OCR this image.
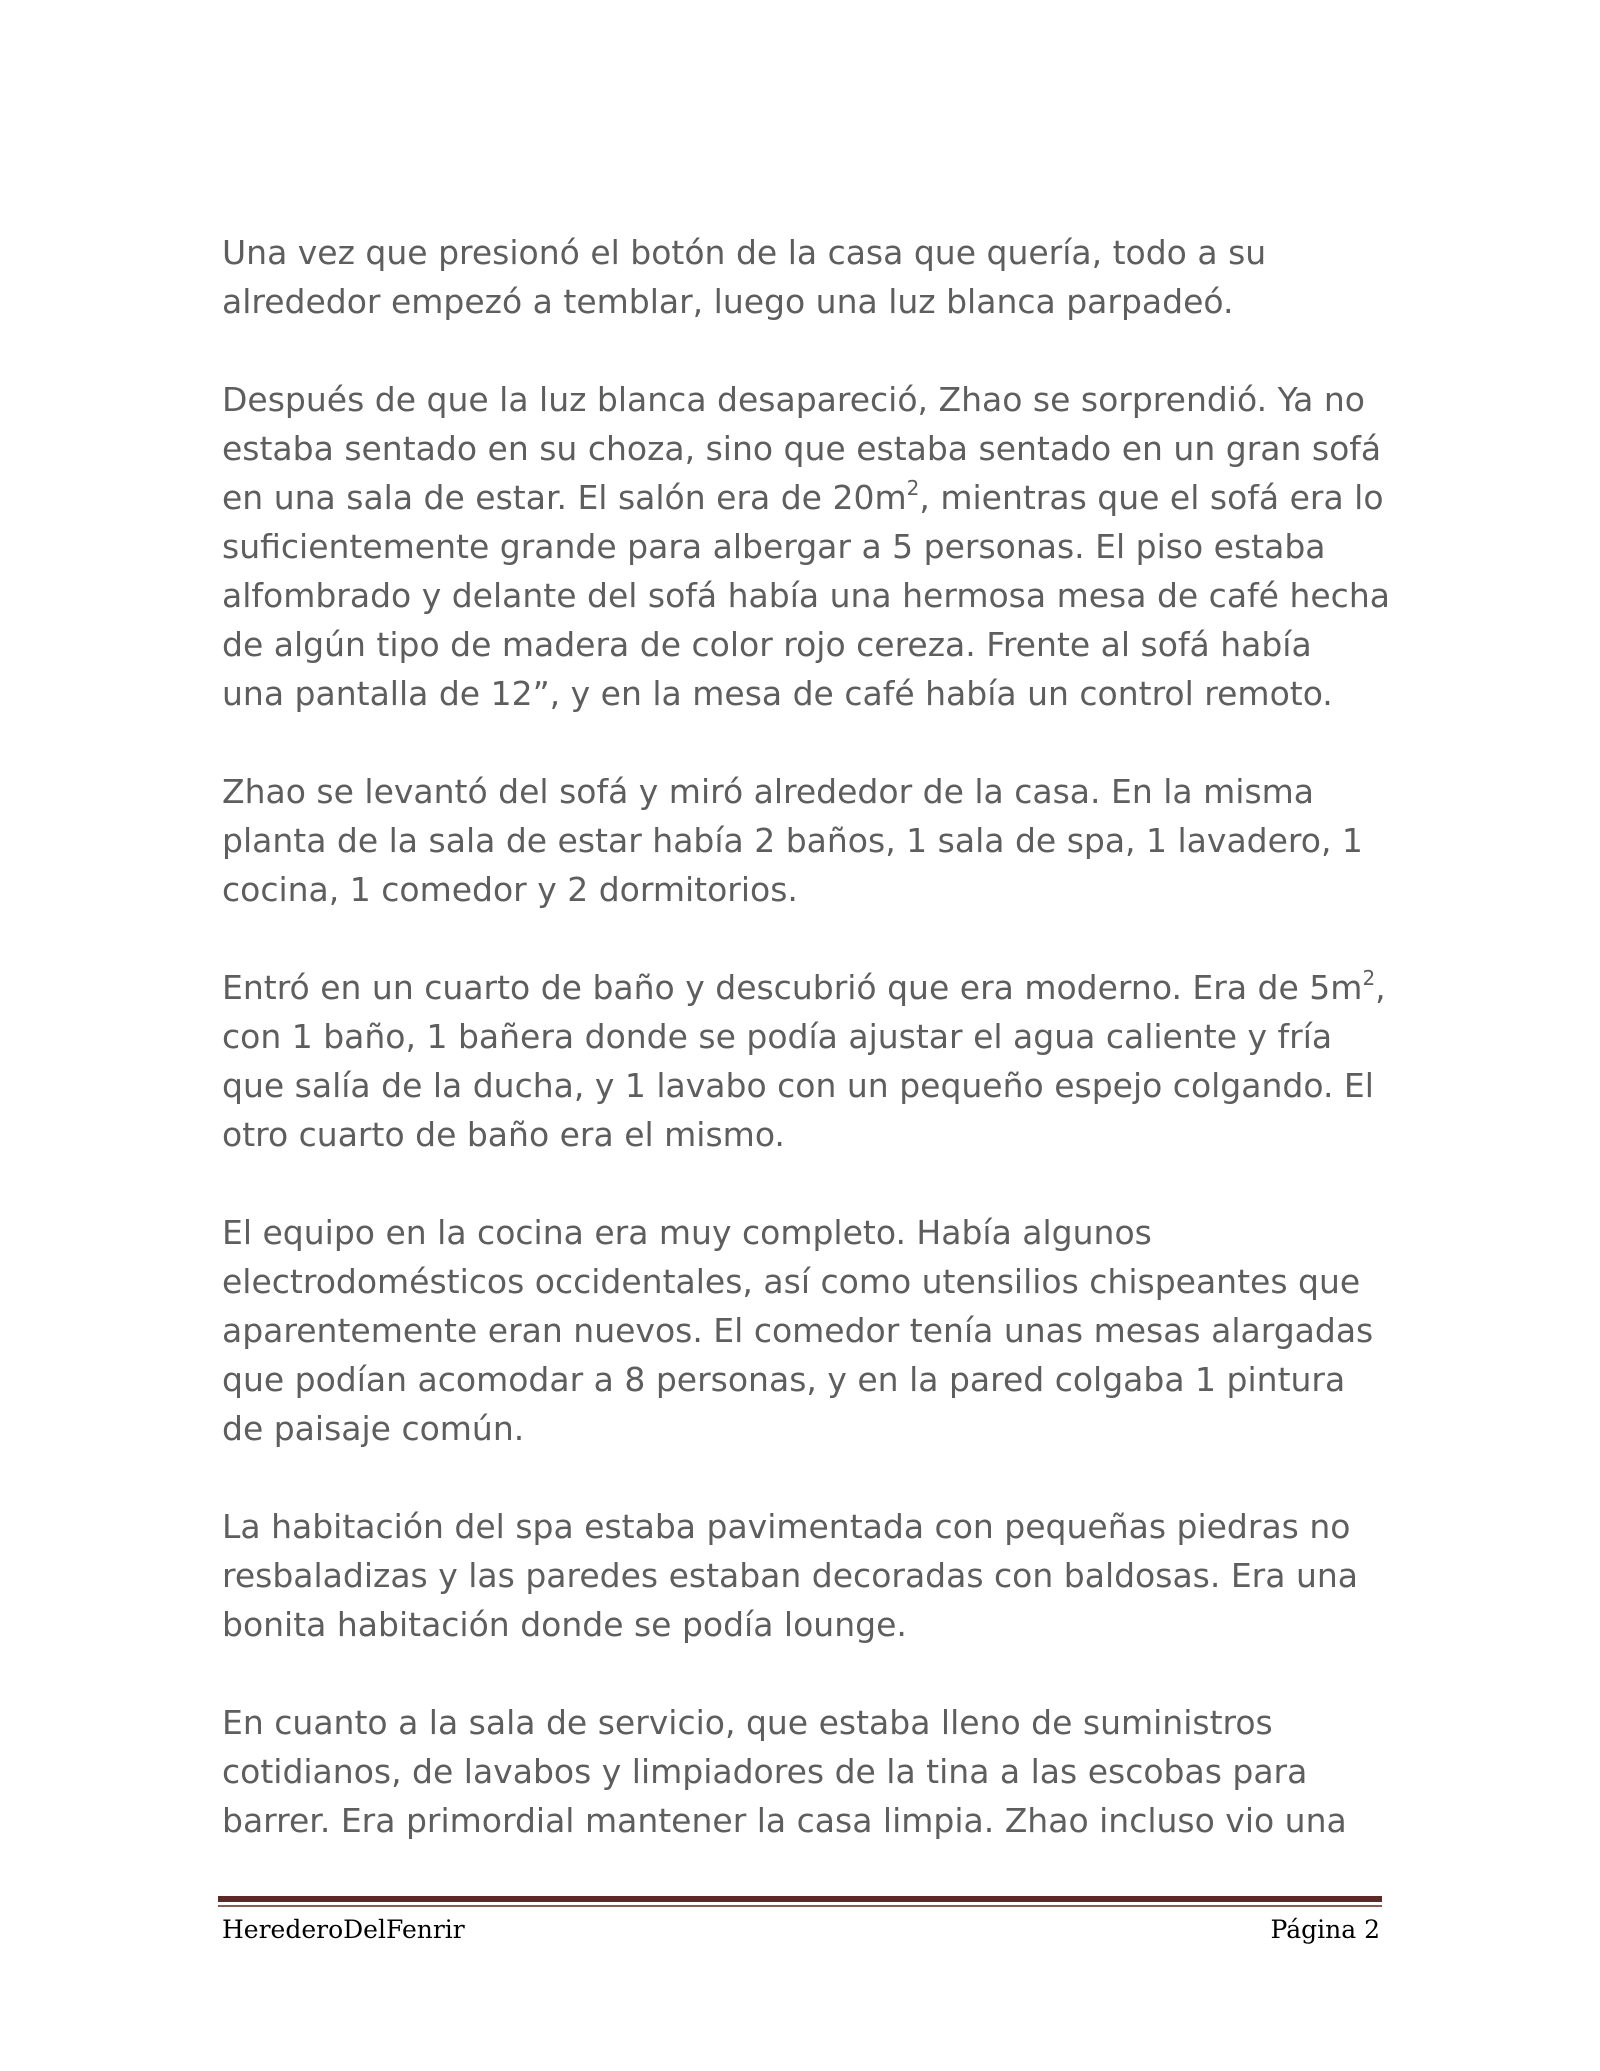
Una vez que presionó el botón de la casa que quería, todo a su
alrededor empezó a temblar, luego una luz blanca parpadeó.

Después de que la luz blanca desapareció, Zhao se sorprendió. Ya no
estaba sentado en su choza, sino que estaba sentado en un gran sofá
en una sala de estar. El salón era de $20m^2$, mientras que el sofá era lo
suficientemente grande para albergar a 5 personas. El piso estaba
alfombrado y delante del sofá había una hermosa mesa de café hecha
de algún tipo de madera de color rojo cereza. Frente al sofá había
una pantalla de 12”, y en la mesa de café había un control remoto.

Zhao se levantó del sofá y miró alrededor de la casa. En la misma
planta de la sala de estar había 2 baños, 1 sala de spa, 1 lavadero, 1
cocina, 1 comedor y 2 dormitorios.

Entró en un cuarto de baño y descubrió que era moderno. Era de $5m^2$,
con 1 baño, 1 bañera donde se podía ajustar el agua caliente y fría
que salía de la ducha, y 1 lavabo con un pequeño espejo colgando. El
otro cuarto de baño era el mismo.

El equipo en la cocina era muy completo. Había algunos
electrodomésticos occidentales, así como utensilios chispeantes que
aparentemente eran nuevos. El comedor tenía unas mesas alargadas
que podían acomodar a 8 personas, y en la pared colgaba 1 pintura
de paisaje común.

La habitación del spa estaba pavimentada con pequeñas piedras no
resbaladizas y las paredes estaban decoradas con baldosas. Era una
bonita habitación donde se podía lounge.

En cuanto a la sala de servicio, que estaba lleno de suministros
cotidianos, de lavabos y limpiadores de la tina a las escobas para
barrer. Era primordial mantener la casa limpia. Zhao incluso vio una

HerederoDelFenrir	Página 2
